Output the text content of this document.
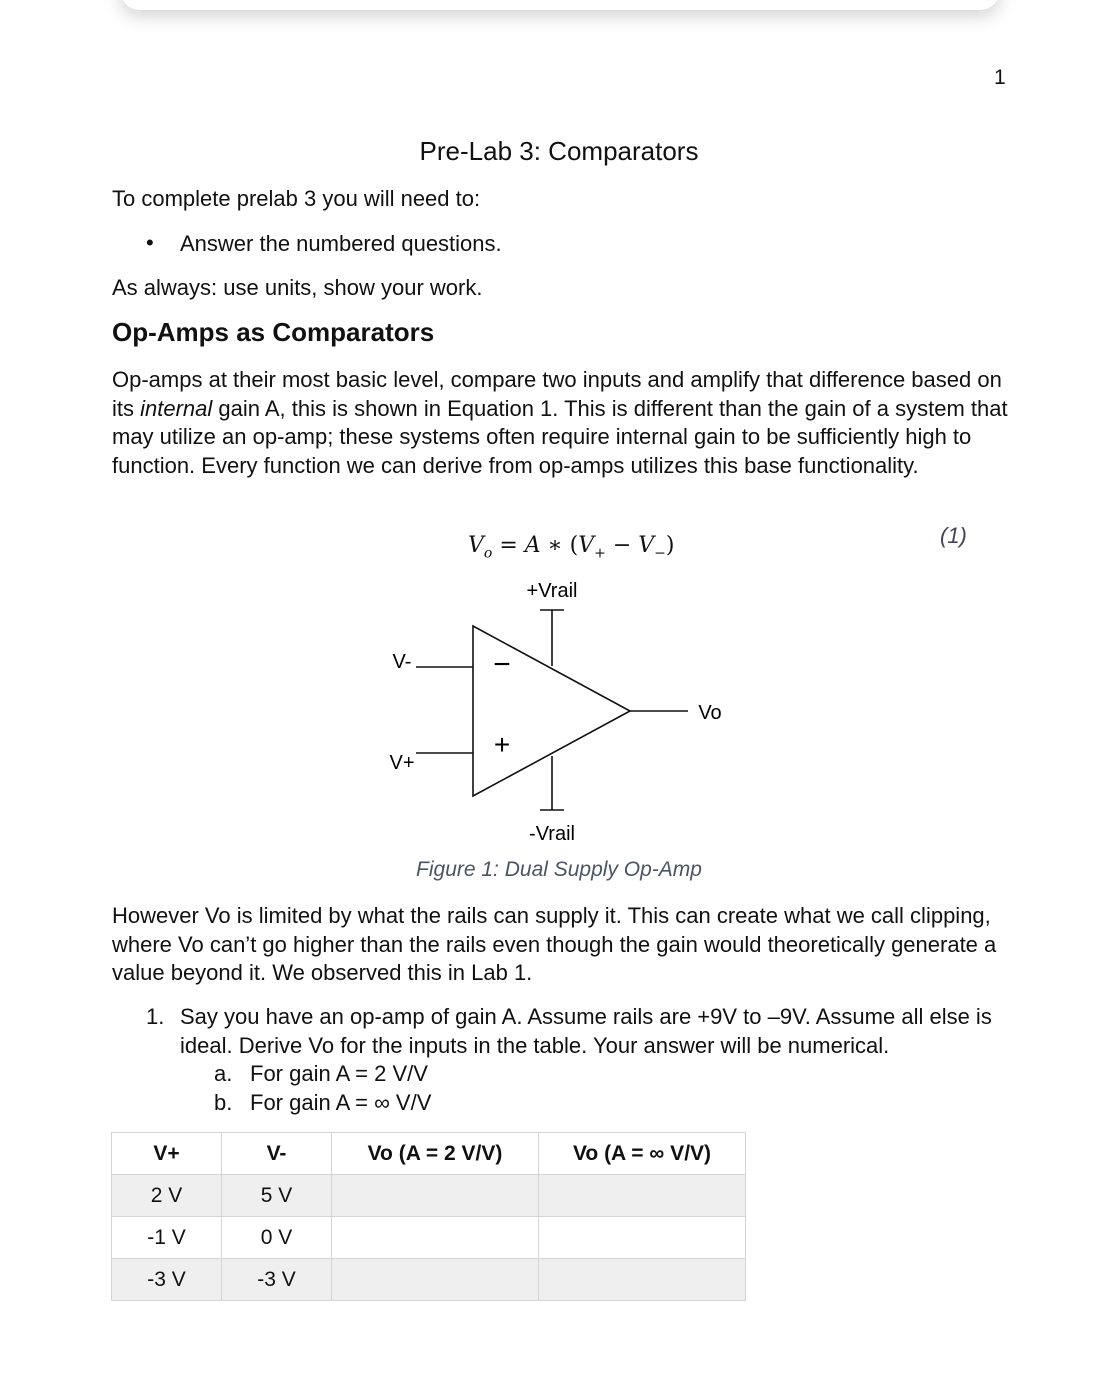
1
Pre-Lab 3: Comparators
To complete prelab 3 you will need to:
• Answer the numbered questions.
As always: use units, show your work.
Op-Amps as Comparators
Op-amps at their most basic level, compare two inputs and amplify that difference based on its internal gain A, this is shown in Equation 1. This is different than the gain of a system that may utilize an op-amp; these systems often require internal gain to be sufficiently high to function. Every function we can derive from op-amps utilizes this base functionality.
$V_o = A$ ∗ $(V_+ - V_-)$	(1)
+Vrail
V-
V+
−
+
Vo
-Vrail
Figure 1: Dual Supply Op-Amp
However Vo is limited by what the rails can supply it. This can create what we call clipping, where Vo can’t go higher than the rails even though the gain would theoretically generate a value beyond it. We observed this in Lab 1.
1. Say you have an op-amp of gain A. Assume rails are +9V to –9V. Assume all else is ideal. Derive Vo for the inputs in the table. Your answer will be numerical.
a. For gain A = 2 V/V
b. For gain A = ∞ V/V
V+	V-	Vo (A = 2 V/V)	Vo (A = ∞ V/V)
2 V	5 V		
-1 V	0 V		
-3 V	-3 V		
